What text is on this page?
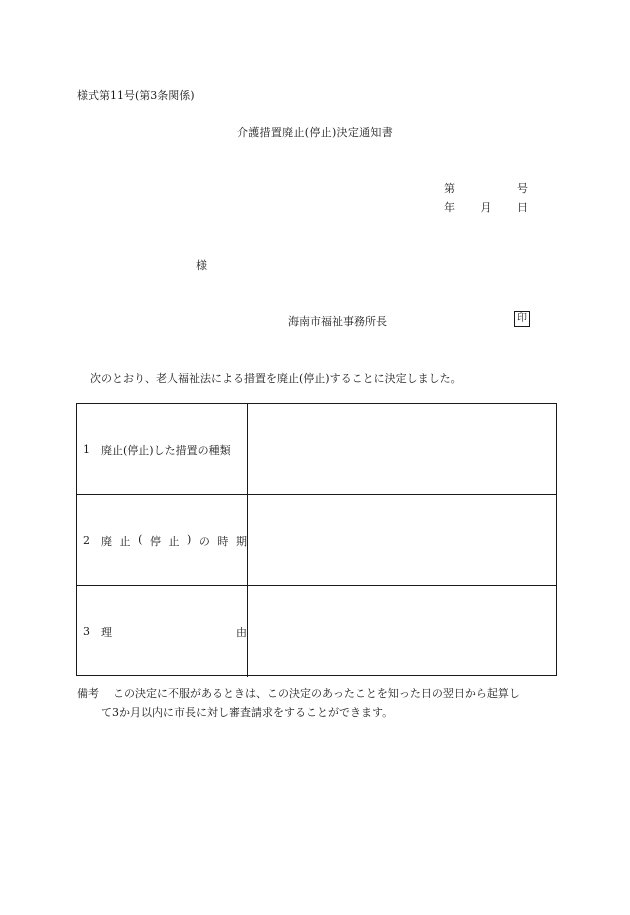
様式第11号(第3条関係)
介護措置廃止(停止)決定通知書
第	号
年 月 日
様
海南市福祉事務所長	印
次のとおり、老人福祉法による措置を廃止(停止)することに決定しました。
1	廃止(停止)した措置の種類
2	廃 止 ( 停 止 ) の 時 期
3	理	由
備考 この決定に不服があるときは、この決定のあったことを知った日の翌日から起算し
て3か月以内に市長に対し審査請求をすることができます。
